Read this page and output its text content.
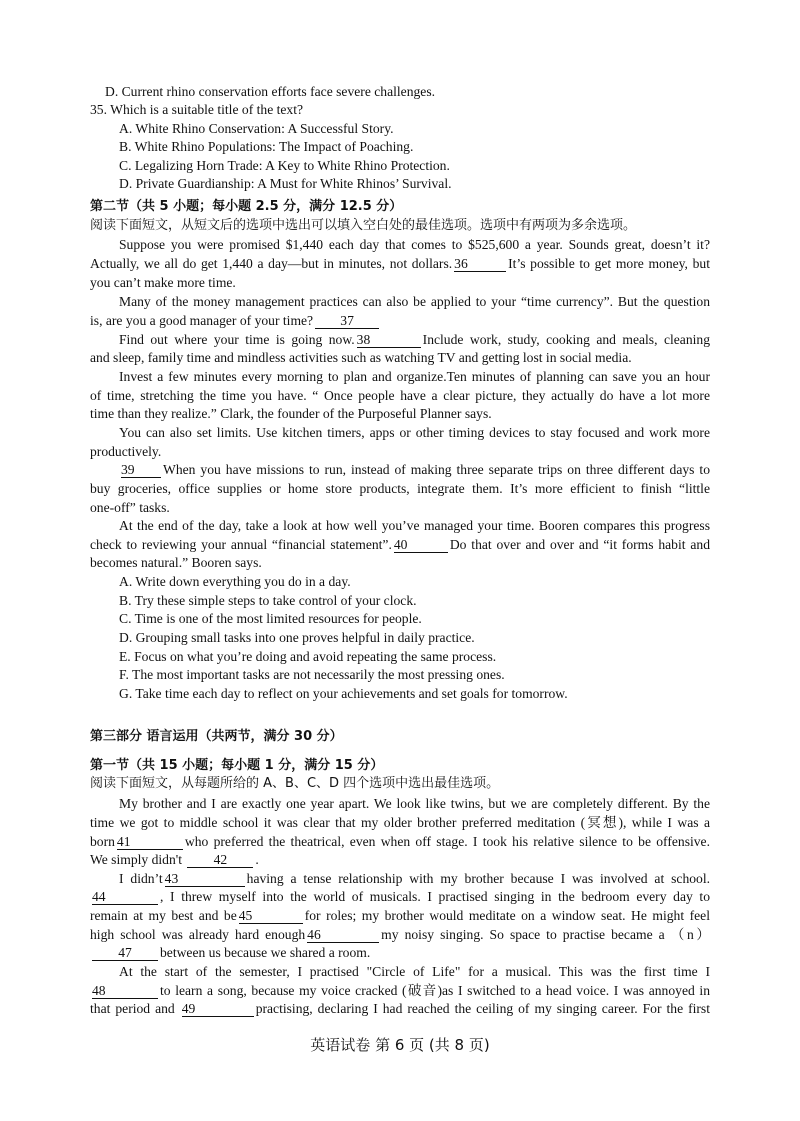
D. Current rhino conservation efforts face severe challenges.
35. Which is a suitable title of the text?
A. White Rhino Conservation: A Successful Story.
B. White Rhino Populations: The Impact of Poaching.
C. Legalizing Horn Trade: A Key to White Rhino Protection.
D. Private Guardianship: A Must for White Rhinos’ Survival.
第二节（共 5 小题；每小题 2.5 分，满分 12.5 分）
阅读下面短文，从短文后的选项中选出可以填入空白处的最佳选项。选项中有两项为多余选项。
Suppose you were promised $1,440 each day that comes to $525,600 a year. Sounds great, doesn’t it?
Actually, we all do get 1,440 a day—but in minutes, not dollars. 36	It’s possible to get more money, but
you can’t make more time.
Many of the money management practices can also be applied to your “time currency”. But the question
is, are you a good manager of your time? 37
Find out where your time is going now. 38	Include work, study, cooking and meals, cleaning
and sleep, family time and mindless activities such as watching TV and getting lost in social media.
Invest a few minutes every morning to plan and organize.Ten minutes of planning can save you an hour
of time, stretching the time you have. “ Once people have a clear picture, they actually do have a lot more
time than they realize.” Clark, the founder of the Purposeful Planner says.
You can also set limits. Use kitchen timers, apps or other timing devices to stay focused and work more
productively.
39 When you have missions to run, instead of making three separate trips on three different days to
buy groceries, office supplies or home store products, integrate them. It’s more efficient to finish “little
one-off” tasks.
At the end of the day, take a look at how well you’ve managed your time. Booren compares this progress
check to reviewing your annual “financial statement”. 40	Do that over and over and “it forms habit and
becomes natural.” Booren says.
A. Write down everything you do in a day.
B. Try these simple steps to take control of your clock.
C. Time is one of the most limited resources for people.
D. Grouping small tasks into one proves helpful in daily practice.
E. Focus on what you’re doing and avoid repeating the same process.
F. The most important tasks are not necessarily the most pressing ones.
G. Take time each day to reflect on your achievements and set goals for tomorrow.
第三部分 语言运用（共两节，满分 30 分）
第一节（共 15 小题；每小题 1 分，满分 15 分）
阅读下面短文，从每题所给的 A、B、C、D 四个选项中选出最佳选项。
My brother and I are exactly one year apart. We look like twins, but we are completely different. By the
time we got to middle school it was clear that my older brother preferred meditation (冥想), while I was a
born 41	who preferred the theatrical, even when off stage. I took his relative silence to be offensive.
We simply didn't 42 .
I didn’t 43	having a tense relationship with my brother because I was involved at school.
44	, I threw myself into the world of musicals. I practised singing in the bedroom every day to
remain at my best and be 45	for roles; my brother would meditate on a window seat. He might feel
high school was already hard enough 46	my noisy singing. So space to practise became a （n）
47 between us because we shared a room.
At the start of the semester, I practised "Circle of Life" for a musical. This was the first time I
48	to learn a song, because my voice cracked (破音)as I switched to a head voice. I was annoyed in
that period and 49	practising, declaring I had reached the ceiling of my singing career. For the first
英语试卷 第 6 页 (共 8 页)
